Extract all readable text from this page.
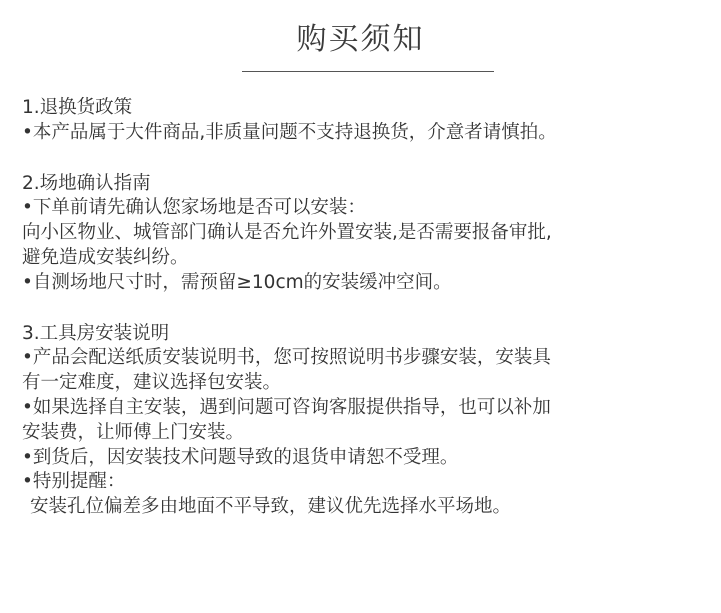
购买须知
1.退换货政策
•本产品属于大件商品,非质量问题不支持退换货，介意者请慎拍。
2.场地确认指南
•下单前请先确认您家场地是否可以安装：
向小区物业、城管部门确认是否允许外置安装,是否需要报备审批,
避免造成安装纠纷。
•自测场地尺寸时，需预留≥10cm的安装缓冲空间。
3.工具房安装说明
•产品会配送纸质安装说明书，您可按照说明书步骤安装，安装具
有一定难度，建议选择包安装。
•如果选择自主安装，遇到问题可咨询客服提供指导，也可以补加
安装费，让师傅上门安装。
•到货后，因安装技术问题导致的退货申请恕不受理。
•特别提醒：
安装孔位偏差多由地面不平导致，建议优先选择水平场地。
